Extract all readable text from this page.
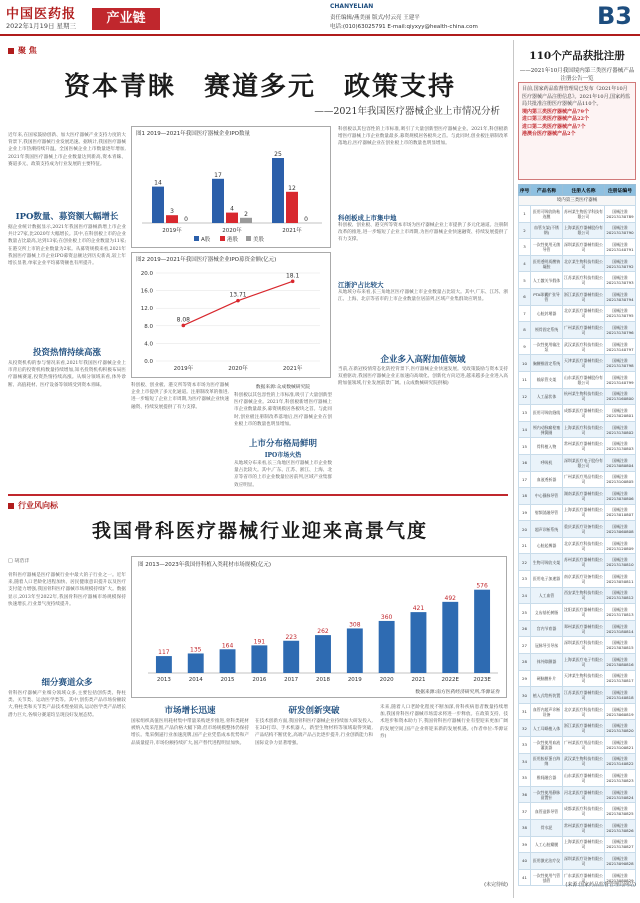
中国医药报
2022年1月19日 星期三	产业链
CHANYELIAN
责任编辑/燕美丽 版式/付云亮 王建平
电话:(010)63025791 E-mail:qiyxyy@health-china.com	B3
聚 焦
资本青睐　赛道多元　政策支持
——2021年我国医疗器械企业上市情况分析
近年来,在国家鼓励创新、加大医疗器械产业支持力度的大背景下,我国医疗器械行业发展迅速。据统计,我国医疗器械企业上市热潮持续升温。全国医械企业上市数量逐年增加,2021年我国医疗器械上市企业数量达到新高,资本青睐、赛道多元、政策支持成为行业发展的主要特征。
IPO数量、募资额大幅增长
据企业统计数据显示,2021年我国医疗器械新增上市企业共计27家,比2020年大幅增长。其中,在科创板上市的企业数量占比最高,达到13家;在创业板上市的企业数量为11家;在港交所上市的企业数量为2家。从募资规模来看,2021年我国医疗器械上市企业IPO募资总额达到历史新高,较上年增长显著,单家企业平均募资额也有所提升。
投资热情持续高涨
从投资机构的参与情况来看,2021年我国医疗器械企业上市背后的投资机构数量持续增加,知名投资机构积极布局医疗器械赛道,投资热情持续高涨。从细分领域来看,体外诊断、高值耗材、医疗设备等领域受到资本青睐。
图1 2019—2021年我国医疗器械企业IPO数量
14
3
0
2019年
17
4
2
2020年
25
12
0
2021年
A股	港股	美股
图2 2019—2021年我国医疗器械企业IPO募资金额(亿元)
0.0
4.0
8.0
12.0
16.0
20.0
8.08
2019年
13.71
2020年
18.1
2021年
科创板、创业板、港交所等资本市场为医疗器械企业上市提供了多元化通道。注册制改革的推进,进一步缩短了企业上市周期,为医疗器械企业快速融资、持续发展提供了有力支撑。
数据来源:众成数械研究院
科创板以其包容性的上市标准,吸引了大量创新型医疗器械企业。2021年,科创板新增医疗器械上市企业数量最多,募资规模居各板块之首。与此同时,创业板注册制改革落地后,医疗器械企业在创业板上市的数量也明显增加。
上市分布格局鲜明
IPO市场火热
从地域分布来看,长三角地区医疗器械上市企业数量占比较大。其中,广东、江苏、浙江、上海、北京等省市的上市企业数量位居前列,区域产业集群效应明显。
科创板以其包容性的上市标准,吸引了大量创新型医疗器械企业。2021年,科创板新增医疗器械上市企业数量最多,募资规模居各板块之首。与此同时,创业板注册制改革落地后,医疗器械企业在创业板上市的数量也明显增加。
科创板成上市集中地
科创板、创业板、港交所等资本市场为医疗器械企业上市提供了多元化通道。注册制改革的推进,进一步缩短了企业上市周期,为医疗器械企业快速融资、持续发展提供了有力支撑。
江浙沪占比较大
从地域分布来看,长三角地区医疗器械上市企业数量占比较大。其中,广东、江苏、浙江、上海、北京等省市的上市企业数量位居前列,区域产业集群效应明显。
企业多入高附加值领域
当前,在新冠疫情常态化防控背景下,医疗器械企业快速发展。受政策鼓励与资本支持双重驱动,我国医疗器械企业正加速向高端化、创新化方向迈进,越来越多企业进入高附加值领域,行业发展前景广阔。(众成数械研究院供稿)
行业风向标
我国骨科医疗器械行业迎来高景气度
□ 胡浩洋
骨科医疗器械是医疗器械行业中最大的子行业之一。近年来,随着人口老龄化进程加快、居民健康意识提升以及医疗支付能力增强,我国骨科医疗器械市场规模持续扩大。数据显示,2013年至2022年,我国骨科医疗器械市场规模保持快速增长,行业景气度持续提升。
细分赛道众多
骨科医疗器械产业细分领域众多,主要包括创伤类、脊柱类、关节类、运动医学类等。其中,创伤类产品市场份额较大,脊柱类和关节类产品技术壁垒较高,运动医学类产品增长潜力巨大,各细分赛道均呈现良好发展态势。
图 2013—2023年我国骨科植入类耗材市场规模(亿元)
117
2013
135
2014
164
2015
191
2016
223
2017
262
2018
308
2019
360
2020
421
2021
492
2022E
576
2023E
数据来源:南方医药经济研究所,华源证券
市场增长迅速
国家组织高值医用耗材集中带量采购逐步推进,骨科类耗材被纳入集采范围,产品价格大幅下降,但市场规模整体仍保持增长。集采倒逼行业加速洗牌,国产企业凭借成本优势和产品质量提升,市场份额持续扩大,国产替代进程明显加快。
研发创新突破
在技术创新方面,我国骨科医疗器械企业持续加大研发投入,在3D打印、手术机器人、新型生物材料等领域取得突破,产品结构不断优化,高端产品占比逐步提升,行业创新能力和国际竞争力显著增强。
未来,随着人口老龄化程度不断加深,骨科疾病患者数量持续增加,我国骨科医疗器械市场需求将进一步释放。在政策支持、技术进步和资本助力下,我国骨科医疗器械行业有望迎来更加广阔的发展空间,国产企业将迎来新的发展机遇。(作者单位:华源证券)
110个产品获批注册
——2021年10月我国境内第三类医疗器械产品注册公告一览
目前,国家药品监督管理局已发布《2021年10月医疗器械产品注册信息》。2021年10月,国家药监局共批准注册医疗器械产品110个。
境内第三类医疗器械产品79个
进口第三类医疗器械产品22个
进口第二类医疗器械产品7个
港澳台医疗器械产品2个
序号	产品名称	注册人名称	注册证编号
境内第三类医疗器械			
1	医用可吸收防粘连膜	苏州某生物医学科技有限公司	国械注准20213130789
2	血管支架(不锈钢)	上海某医疗器械股份有限公司	国械注准20213130790
3	一次性使用无菌导管	深圳某医疗器械有限公司	国械注准20213140791
4	医用透明质酸钠凝胶	北京某生物科技有限公司	国械注准20213130792
5	人工髋关节假体	江苏某医疗科技有限公司	国械注准20213130793
6	PTA球囊扩张导管	浙江某医疗器械有限公司	国械注准20213030794
7	心脏封堵器	北京某医疗器械有限公司	国械注准20213130795
8	颅骨固定系统	广州某医疗器械有限公司	国械注准20213130796
9	一次性使用输注泵	武汉某医疗科技有限公司	国械注准20213140797
10	胸腰椎固定系统	天津某医疗器械有限公司	国械注准20213130798
11	输尿管支架	山东某医疗器械股份有限公司	国械注准20213140799
12	人工晶状体	杭州某生物科技有限公司	国械注准20213160800
13	医用可吸收缝线	成都某医疗器械有限公司	国械注准20213020801
14	颅内动脉瘤栓塞弹簧圈	上海某医疗科技有限公司	国械注准20213130802
15	骨科植入物	常州某医疗器械有限公司	国械注准20213130803
16	呼吸机	深圳某医疗电子股份有限公司	国械注准20213080804
17	血液透析器	广州某医疗用品有限公司	国械注准20213100805
18	中心静脉导管	湖南某医疗器械有限公司	国械注准20213030806
19	射频消融导管	上海某医疗器械有限公司	国械注准20213010807
20	超声诊断系统	重庆某医疗设备有限公司	国械注准20213060808
21	心脏起搏器	北京某医疗科技有限公司	国械注准20213120809
22	生物可吸收支架	苏州某医疗器械有限公司	国械注准20213130810
23	医用电子加速器	南京某医疗设备有限公司	国械注准20213050811
24	人工血管	西安某生物科技有限公司	国械注准20213130812
25	义齿基托树脂	沈阳某医疗器械有限公司	国械注准20213170813
26	宫内节育器	郑州某医疗器械有限公司	国械注准20213180814
27	冠脉导引导丝	深圳某医疗科技有限公司	国械注准20213030815
28	体外除颤器	上海某医疗电子有限公司	国械注准20213080816
29	硬脑膜补片	天津某生物科技有限公司	国械注准20213130817
30	植入式给药装置	江苏某医疗器械有限公司	国械注准20213140818
31	血管内超声诊断设备	北京某医疗科技有限公司	国械注准20213060819
32	人工耳蜗植入体	浙江某医疗器械有限公司	国械注准20213130820
33	一次性使用血液灌流器	广州某医疗用品有限公司	国械注准20213100821
34	医用胶原蛋白海绵	武汉某生物科技有限公司	国械注准20213140822
35	椎间融合器	山东某医疗器械有限公司	国械注准20213130823
36	一次性使用静脉留置针	河北某医疗器械有限公司	国械注准20213150824
37	血管造影导管	成都某医疗科技有限公司	国械注准20213030825
38	骨水泥	常州某医疗器械有限公司	国械注准20213130826
39	人工心脏瓣膜	上海某医疗器械有限公司	国械注准20213130827
40	医用激光治疗仪	深圳某医疗设备有限公司	国械注准20213090828
41	一次性使用气管插管	广东某医疗器械有限公司	国械注准20213080829
(来源:国家药品监督管理局网站)
(未完待续)
